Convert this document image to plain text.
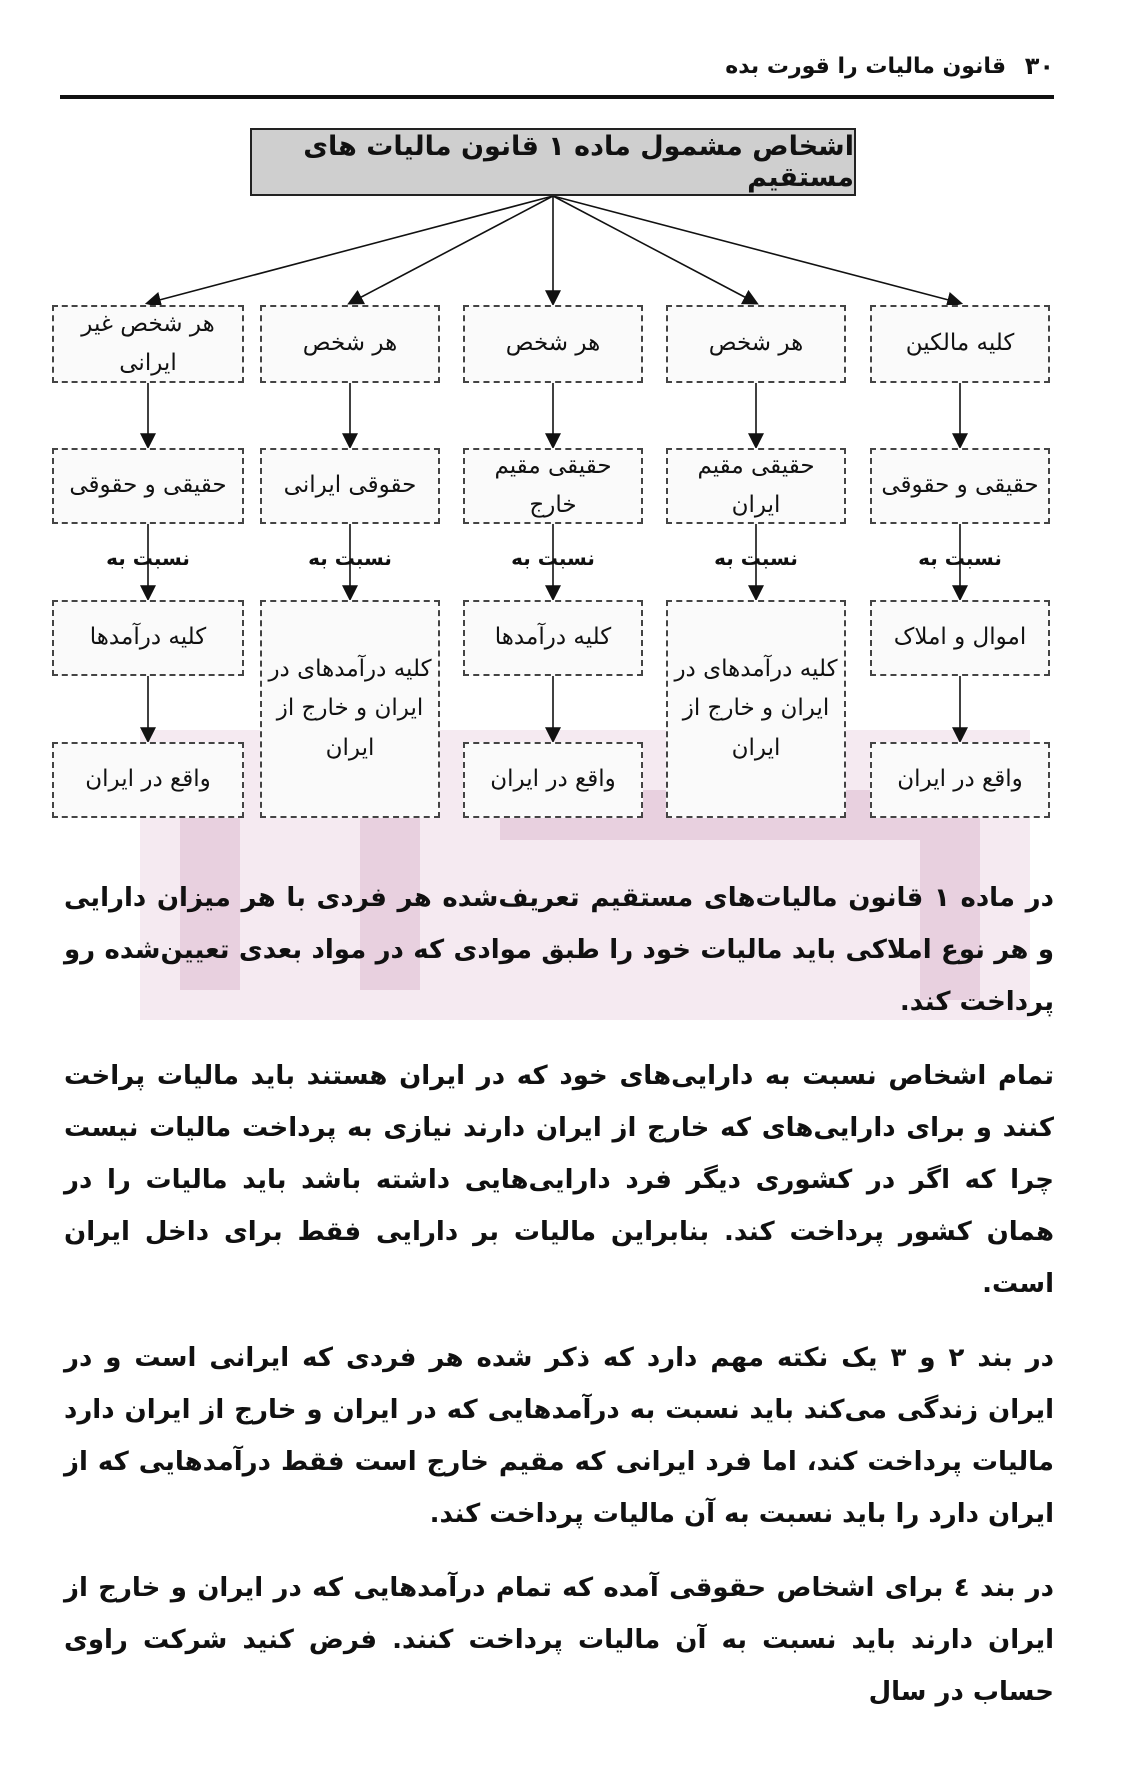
۳۰
قانون مالیات را قورت بده
اشخاص مشمول ماده ۱ قانون مالیات های مستقیم
کلیه مالکین
حقیقی و حقوقی
نسبت به
اموال و املاک
واقع در ایران
هر شخص
حقیقی مقیم ایران
نسبت به
کلیه درآمدهای در ایران و خارج از ایران
هر شخص
حقیقی مقیم خارج
نسبت به
کلیه درآمدها
واقع در ایران
هر شخص
حقوقی ایرانی
نسبت به
کلیه درآمدهای در ایران و خارج از ایران
هر شخص غیر ایرانی
حقیقی و حقوقی
نسبت به
کلیه درآمدها
واقع در ایران

در ماده ۱ قانون مالیات‌های مستقیم تعریف‌شده هر فردی با هر میزان دارایی و هر نوع املاکی باید مالیات خود را طبق موادی که در مواد بعدی تعیین‌شده رو پرداخت کند.

تمام اشخاص نسبت به دارایی‌های خود که در ایران هستند باید مالیات پراخت کنند و برای دارایی‌های که خارج از ایران دارند نیازی به پرداخت مالیات نیست چرا که اگر در کشوری دیگر فرد دارایی‌هایی داشته باشد باید مالیات را در همان کشور پرداخت کند. بنابراین مالیات بر دارایی فقط برای داخل ایران است.

در بند ۲ و ۳ یک نکته مهم دارد که ذکر شده هر فردی که ایرانی است و در ایران زندگی می‌کند باید نسبت به درآمدهایی که در ایران و خارج از ایران دارد مالیات پرداخت کند، اما فرد ایرانی که مقیم خارج است فقط درآمدهایی که از ایران دارد را باید نسبت به آن مالیات پرداخت کند.

در بند ٤ برای اشخاص حقوقی آمده که تمام درآمدهایی که در ایران و خارج از ایران دارند باید نسبت به آن مالیات پرداخت کنند. فرض کنید شرکت راوی حساب در سال
